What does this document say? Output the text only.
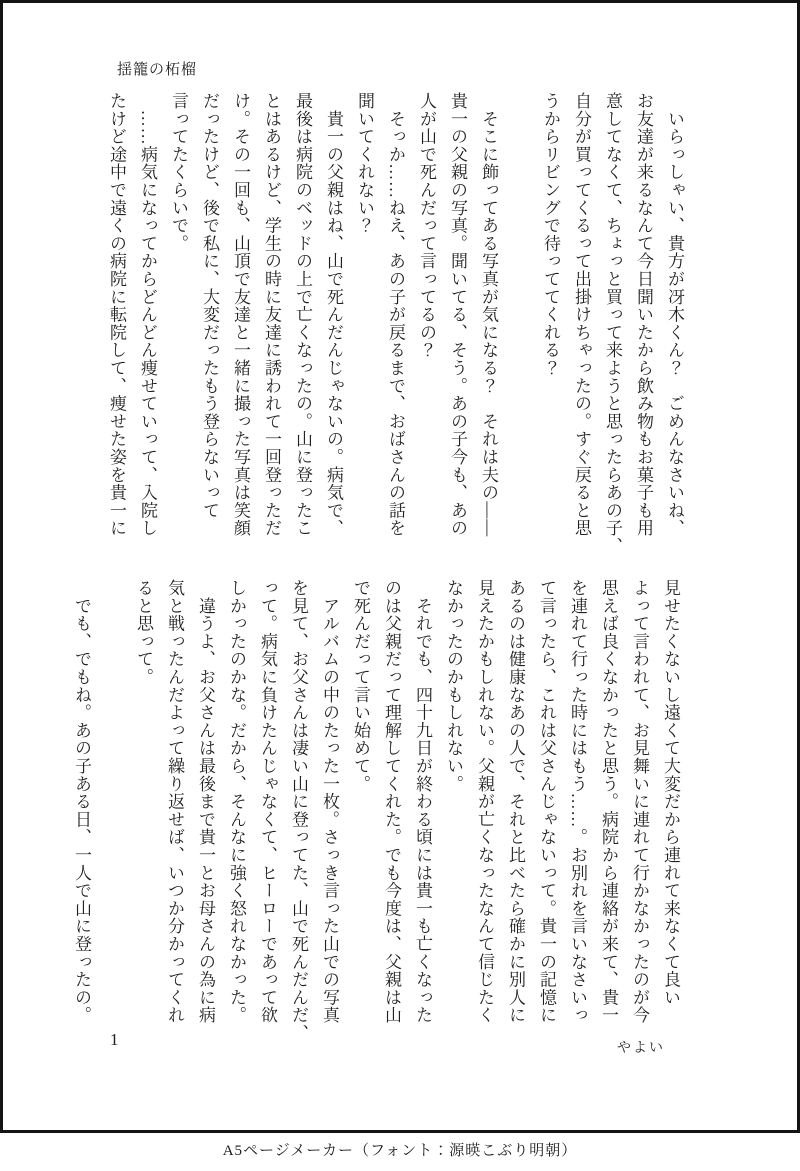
揺籠の柘榴
　いらっしゃい、貴方が冴木くん？　ごめんなさいね、
お友達が来るなんて今日聞いたから飲み物もお菓子も用
意してなくて、ちょっと買って来ようと思ったらあの子、
自分が買ってくるって出掛けちゃったの。すぐ戻ると思
うからリビングで待っててくれる？
　そこに飾ってある写真が気になる？　それは夫の――
貴一の父親の写真。聞いてる、そう。あの子今も、あの
人が山で死んだって言ってるの？
　そっか……ねえ、あの子が戻るまで、おばさんの話を
聞いてくれない？
　貴一の父親はね、山で死んだんじゃないの。病気で、
最後は病院のベッドの上で亡くなったの。山に登ったこ
とはあるけど、学生の時に友達に誘われて一回登っただ
け。その一回も、山頂で友達と一緒に撮った写真は笑顔
だったけど、後で私に、大変だったもう登らないって
言ってたくらいで。
　……病気になってからどんどん痩せていって、入院し
たけど途中で遠くの病院に転院して、痩せた姿を貴一に
見せたくないし遠くて大変だから連れて来なくて良い
よって言われて、お見舞いに連れて行かなかったのが今
思えば良くなかったと思う。病院から連絡が来て、貴一
を連れて行った時にはもう……。お別れを言いなさいっ
て言ったら、これは父さんじゃないって。貴一の記憶に
あるのは健康なあの人で、それと比べたら確かに別人に
見えたかもしれない。父親が亡くなったなんて信じたく
なかったのかもしれない。
　それでも、四十九日が終わる頃には貴一も亡くなった
のは父親だって理解してくれた。でも今度は、父親は山
で死んだって言い始めて。
　アルバムの中のたった一枚。さっき言った山での写真
を見て、お父さんは凄い山に登ってた、山で死んだんだ、
って。病気に負けたんじゃなくて、ヒーローであって欲
しかったのかな。だから、そんなに強く怒れなかった。
　違うよ、お父さんは最後まで貴一とお母さんの為に病
気と戦ったんだよって繰り返せば、いつか分かってくれ
ると思って。
　でも、でもね。あの子ある日、一人で山に登ったの。
1	やよい
A5ページメーカー（フォント：源暎こぶり明朝）
